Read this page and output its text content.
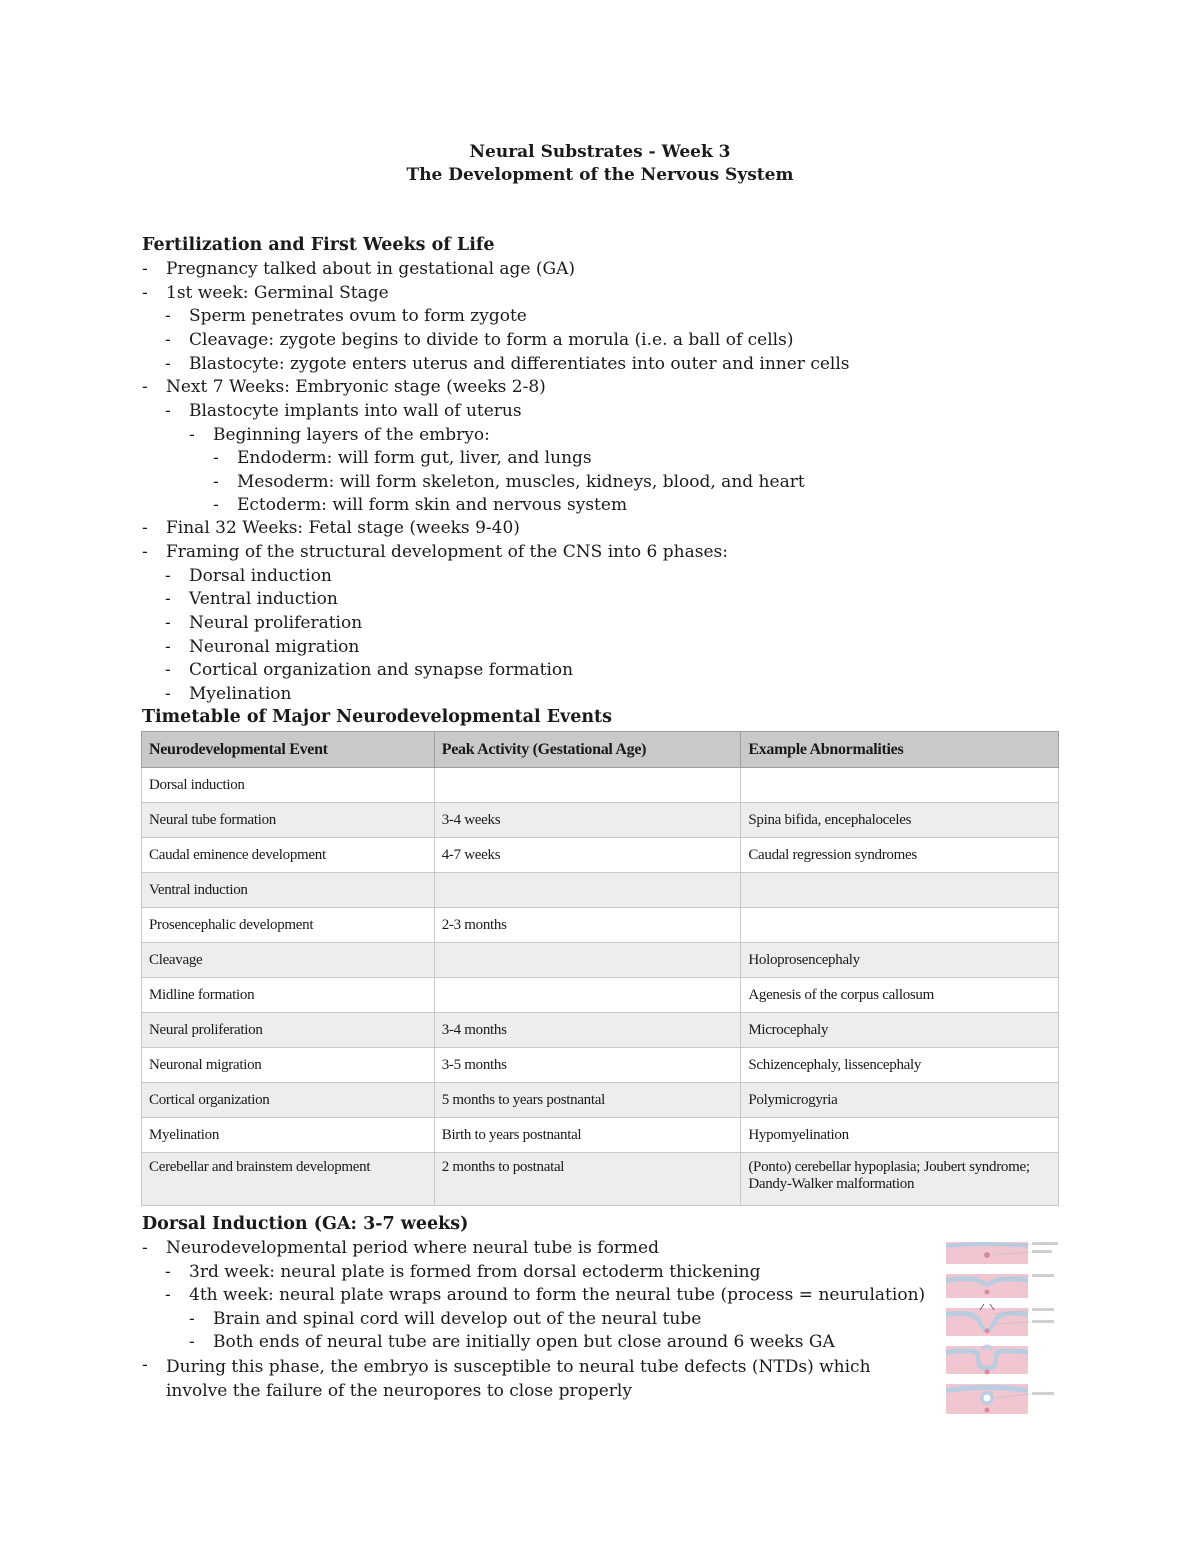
Neural Substrates - Week 3
The Development of the Nervous System
Fertilization and First Weeks of Life
- Pregnancy talked about in gestational age (GA)
- 1st week: Germinal Stage
- Sperm penetrates ovum to form zygote
- Cleavage: zygote begins to divide to form a morula (i.e. a ball of cells)
- Blastocyte: zygote enters uterus and differentiates into outer and inner cells
- Next 7 Weeks: Embryonic stage (weeks 2-8)
- Blastocyte implants into wall of uterus
- Beginning layers of the embryo:
- Endoderm: will form gut, liver, and lungs
- Mesoderm: will form skeleton, muscles, kidneys, blood, and heart
- Ectoderm: will form skin and nervous system
- Final 32 Weeks: Fetal stage (weeks 9-40)
- Framing of the structural development of the CNS into 6 phases:
- Dorsal induction
- Ventral induction
- Neural proliferation
- Neuronal migration
- Cortical organization and synapse formation
- Myelination
Timetable of Major Neurodevelopmental Events
Neurodevelopmental Event	Peak Activity (Gestational Age)	Example Abnormalities
Dorsal induction		
Neural tube formation	3-4 weeks	Spina bifida, encephaloceles
Caudal eminence development	4-7 weeks	Caudal regression syndromes
Ventral induction		
Prosencephalic development	2-3 months	
Cleavage		Holoprosencephaly
Midline formation		Agenesis of the corpus callosum
Neural proliferation	3-4 months	Microcephaly
Neuronal migration	3-5 months	Schizencephaly, lissencephaly
Cortical organization	5 months to years postnantal	Polymicrogyria
Myelination	Birth to years postnantal	Hypomyelination
Cerebellar and brainstem development	2 months to postnatal	(Ponto) cerebellar hypoplasia; Joubert syndrome; Dandy-Walker malformation
Dorsal Induction (GA: 3-7 weeks)
- Neurodevelopmental period where neural tube is formed
- 3rd week: neural plate is formed from dorsal ectoderm thickening
- 4th week: neural plate wraps around to form the neural tube (process = neurulation)
- Brain and spinal cord will develop out of the neural tube
- Both ends of neural tube are initially open but close around 6 weeks GA
-	During this phase, the embryo is susceptible to neural tube defects (NTDs) which involve the failure of the neuropores to close properly
